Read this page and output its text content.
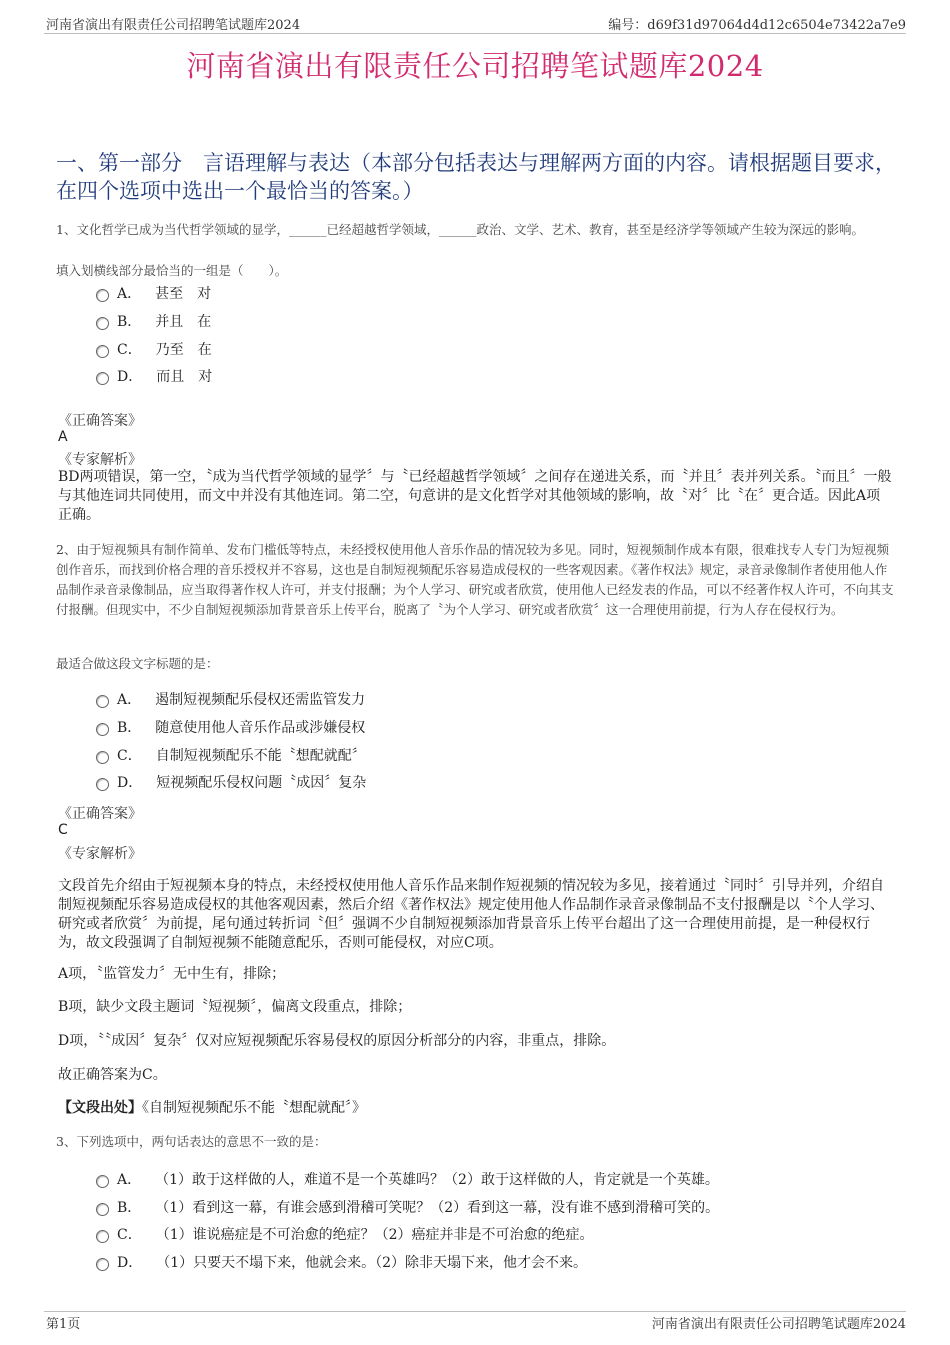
河南省演出有限责任公司招聘笔试题库2024	编号：d69f31d97064d4d12c6504e73422a7e9
河南省演出有限责任公司招聘笔试题库2024
一、第一部分　言语理解与表达（本部分包括表达与理解两方面的内容。请根据题目要求，在四个选项中选出一个最恰当的答案。）
1、文化哲学已成为当代哲学领域的显学，______已经超越哲学领域，______政治、文学、艺术、教育，甚至是经济学等领域产生较为深远的影响。
填入划横线部分最恰当的一组是（　　）。
A． 甚至　对
B． 并且　在
C． 乃至　在
D． 而且　对
《正确答案》
A
《专家解析》
BD两项错误，第一空，〝成为当代哲学领域的显学〞与〝已经超越哲学领域〞之间存在递进关系，而〝并且〞表并列关系。〝而且〞一般与其他连词共同使用，而文中并没有其他连词。第二空，句意讲的是文化哲学对其他领域的影响，故〝对〞比〝在〞更合适。因此A项正确。
2、由于短视频具有制作简单、发布门槛低等特点，未经授权使用他人音乐作品的情况较为多见。同时，短视频制作成本有限，很难找专人专门为短视频创作音乐，而找到价格合理的音乐授权并不容易，这也是自制短视频配乐容易造成侵权的一些客观因素。《著作权法》规定，录音录像制作者使用他人作品制作录音录像制品，应当取得著作权人许可，并支付报酬；为个人学习、研究或者欣赏，使用他人已经发表的作品，可以不经著作权人许可，不向其支付报酬。但现实中，不少自制短视频添加背景音乐上传平台，脱离了〝为个人学习、研究或者欣赏〞这一合理使用前提，行为人存在侵权行为。
最适合做这段文字标题的是：
A． 遏制短视频配乐侵权还需监管发力
B． 随意使用他人音乐作品或涉嫌侵权
C． 自制短视频配乐不能〝想配就配〞
D． 短视频配乐侵权问题〝成因〞复杂
《正确答案》
C
《专家解析》
文段首先介绍由于短视频本身的特点，未经授权使用他人音乐作品来制作短视频的情况较为多见，接着通过〝同时〞引导并列，介绍自制短视频配乐容易造成侵权的其他客观因素，然后介绍《著作权法》规定使用他人作品制作录音录像制品不支付报酬是以〝个人学习、研究或者欣赏〞为前提，尾句通过转折词〝但〞强调不少自制短视频添加背景音乐上传平台超出了这一合理使用前提，是一种侵权行为，故文段强调了自制短视频不能随意配乐，否则可能侵权，对应C项。
A项，〝监管发力〞无中生有，排除；
B项，缺少文段主题词〝短视频〞，偏离文段重点，排除；
D项，〝〝成因〞复杂〞仅对应短视频配乐容易侵权的原因分析部分的内容，非重点，排除。
故正确答案为C。
【文段出处】《自制短视频配乐不能〝想配就配〞》
3、下列选项中，两句话表达的意思不一致的是：
A． （1）敢于这样做的人，难道不是一个英雄吗？（2）敢于这样做的人，肯定就是一个英雄。
B． （1）看到这一幕，有谁会感到滑稽可笑呢？（2）看到这一幕，没有谁不感到滑稽可笑的。
C． （1）谁说癌症是不可治愈的绝症？（2）癌症并非是不可治愈的绝症。
D． （1）只要天不塌下来，他就会来。（2）除非天塌下来，他才会不来。
第1页	河南省演出有限责任公司招聘笔试题库2024
